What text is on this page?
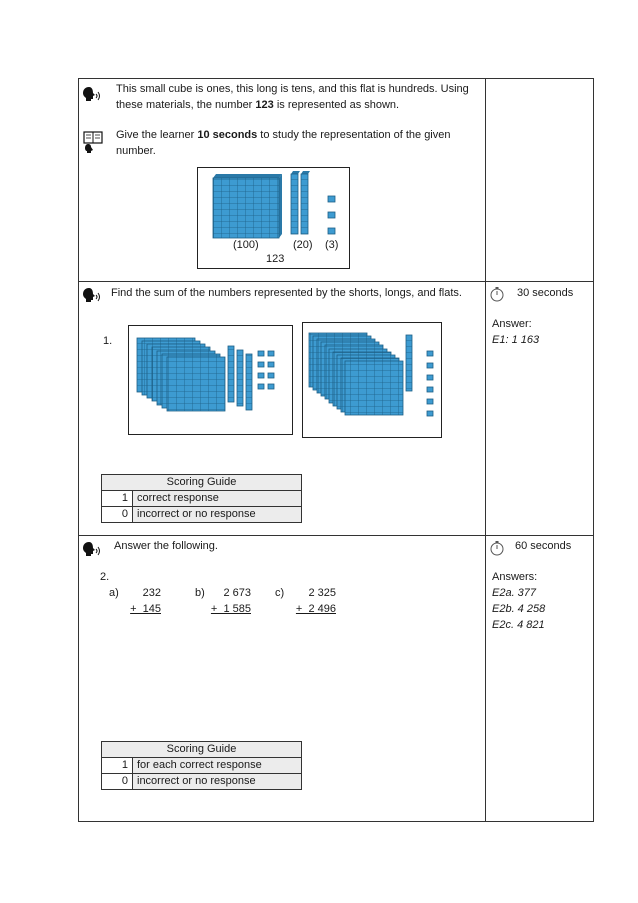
This small cube is ones, this long is tens, and this flat is hundreds. Using
these materials, the number 123 is represented as shown.
Give the learner 10 seconds to study the representation of the given
number.
(100)	(20) (3)
123
Find the sum of the numbers represented by the shorts, longs, and flats.	30 seconds
Answer:
E1: 1 163
1.
Scoring Guide	
1	correct response
0	incorrect or no response
Answer the following.	60 seconds
Answers:
E2a. 377
E2b. 4 258
E2c. 4 821
2.
a)	232
+  145
b)	2 673
+  1 585
c)	2 325
+  2 496
Scoring Guide	
1	for each correct response
0	incorrect or no response
